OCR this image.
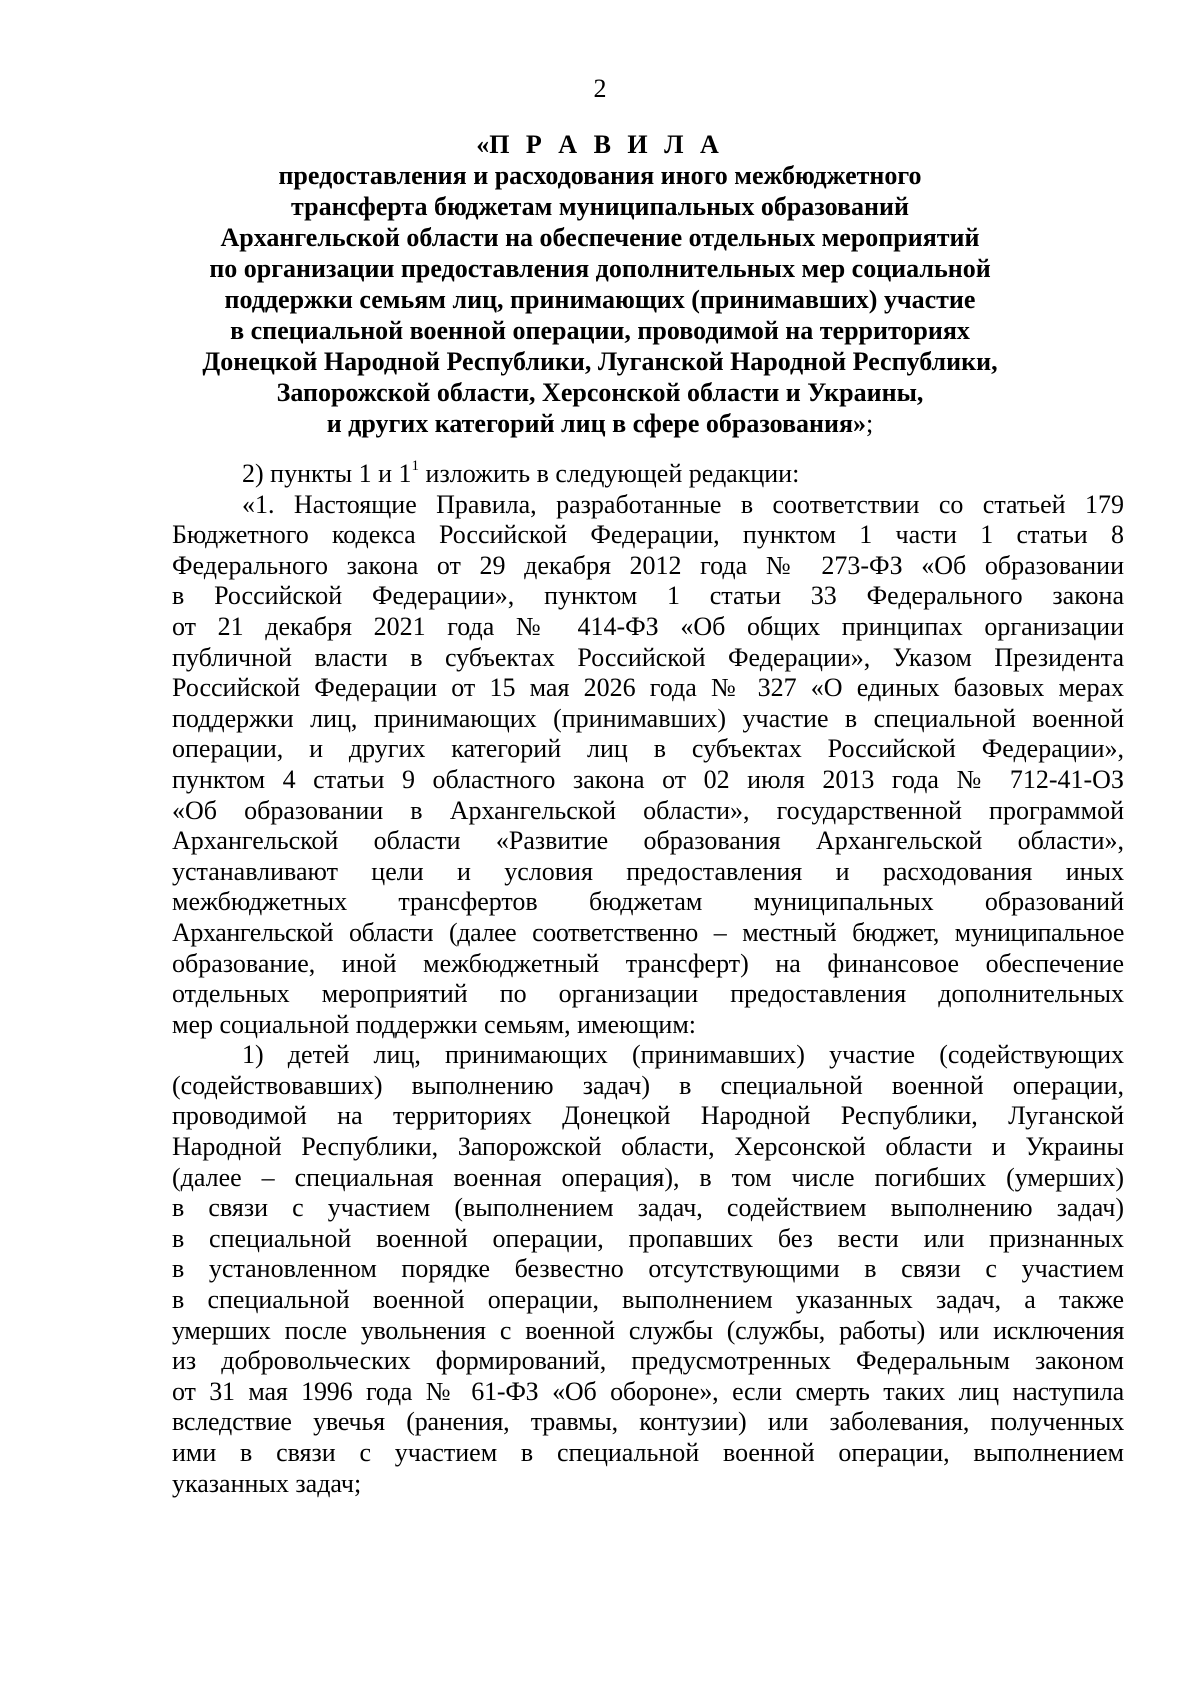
2
«П Р А В И Л А
предоставления и расходования иного межбюджетного
трансферта бюджетам муниципальных образований
Архангельской области на обеспечение отдельных мероприятий
по организации предоставления дополнительных мер социальной
поддержки семьям лиц, принимающих (принимавших) участие
в специальной военной операции, проводимой на территориях
Донецкой Народной Республики, Луганской Народной Республики,
Запорожской области, Херсонской области и Украины,
и других категорий лиц в сфере образования»;
2) пункты 1 и $1^1$ изложить в следующей редакции:
«1. Настоящие Правила, разработанные в соответствии со статьей 179
Бюджетного кодекса Российской Федерации, пунктом 1 части 1 статьи 8
Федерального закона от 29 декабря 2012 года № 273-ФЗ «Об образовании
в Российской Федерации», пунктом 1 статьи 33 Федерального закона
от 21 декабря 2021 года № 414-ФЗ «Об общих принципах организации
публичной власти в субъектах Российской Федерации», Указом Президента
Российской Федерации от 15 мая 2026 года № 327 «О единых базовых мерах
поддержки лиц, принимающих (принимавших) участие в специальной военной
операции, и других категорий лиц в субъектах Российской Федерации»,
пунктом 4 статьи 9 областного закона от 02 июля 2013 года № 712-41-ОЗ
«Об образовании в Архангельской области», государственной программой
Архангельской области «Развитие образования Архангельской области»,
устанавливают цели и условия предоставления и расходования иных
межбюджетных трансфертов бюджетам муниципальных образований
Архангельской области (далее соответственно – местный бюджет, муниципальное
образование, иной межбюджетный трансферт) на финансовое обеспечение
отдельных мероприятий по организации предоставления дополнительных
мер социальной поддержки семьям, имеющим:
1) детей лиц, принимающих (принимавших) участие (содействующих
(содействовавших) выполнению задач) в специальной военной операции,
проводимой на территориях Донецкой Народной Республики, Луганской
Народной Республики, Запорожской области, Херсонской области и Украины
(далее – специальная военная операция), в том числе погибших (умерших)
в связи с участием (выполнением задач, содействием выполнению задач)
в специальной военной операции, пропавших без вести или признанных
в установленном порядке безвестно отсутствующими в связи с участием
в специальной военной операции, выполнением указанных задач, а также
умерших после увольнения с военной службы (службы, работы) или исключения
из добровольческих формирований, предусмотренных Федеральным законом
от 31 мая 1996 года № 61-ФЗ «Об обороне», если смерть таких лиц наступила
вследствие увечья (ранения, травмы, контузии) или заболевания, полученных
ими в связи с участием в специальной военной операции, выполнением
указанных задач;
